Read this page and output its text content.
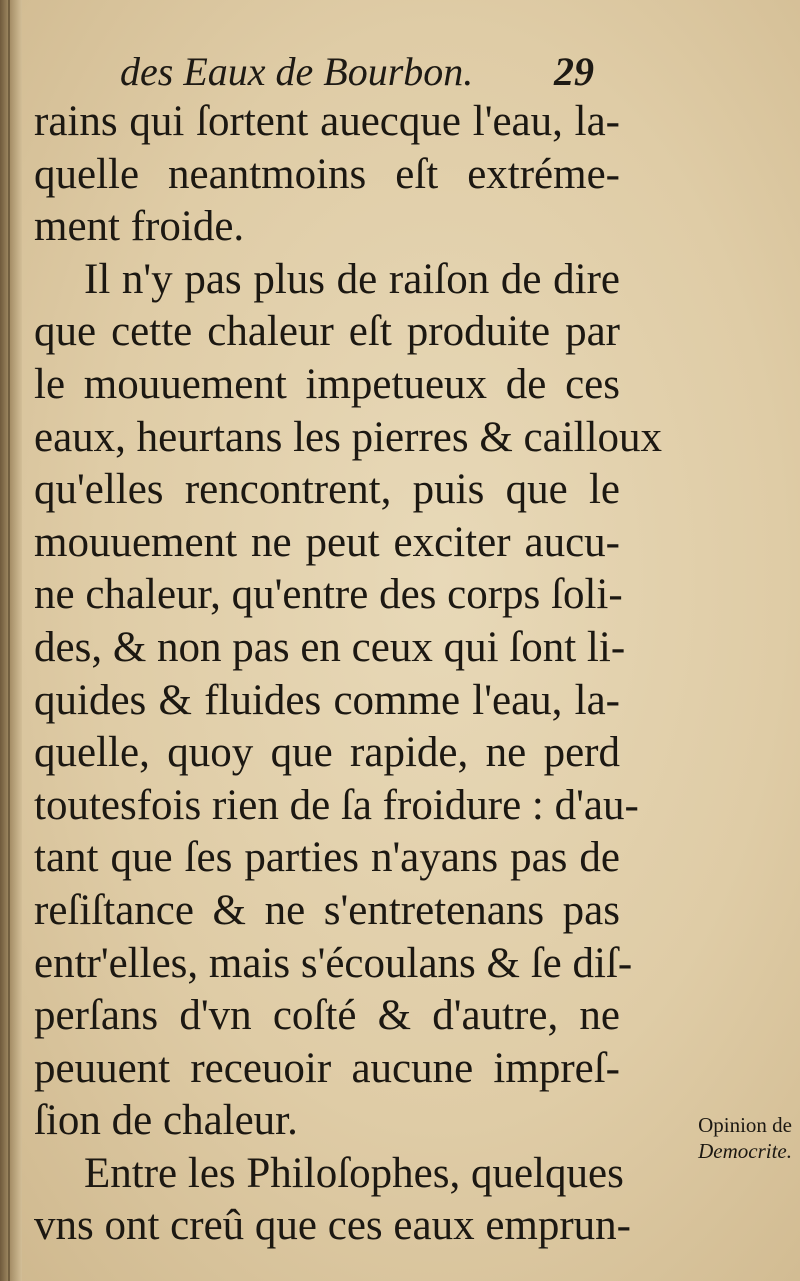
des Eaux de Bourbon. 29
rains qui ſortent auecque l'eau, la-
quelle neantmoins eſt extréme-
ment froide.
Il n'y pas plus de raiſon de dire
que cette chaleur eſt produite par
le mouuement impetueux de ces
eaux, heurtans les pierres & cailloux
qu'elles rencontrent, puis que le
mouuement ne peut exciter aucu-
ne chaleur, qu'entre des corps ſoli-
des, & non pas en ceux qui ſont li-
quides & fluides comme l'eau, la-
quelle, quoy que rapide, ne perd
toutesfois rien de ſa froidure : d'au-
tant que ſes parties n'ayans pas de
reſiſtance & ne s'entretenans pas
entr'elles, mais s'écoulans & ſe diſ-
perſans d'vn coſté & d'autre, ne
peuuent receuoir aucune impreſ-
ſion de chaleur.
Entre les Philoſophes, quelques
vns ont creû que ces eaux emprun-
Opinion de
Democrite.
